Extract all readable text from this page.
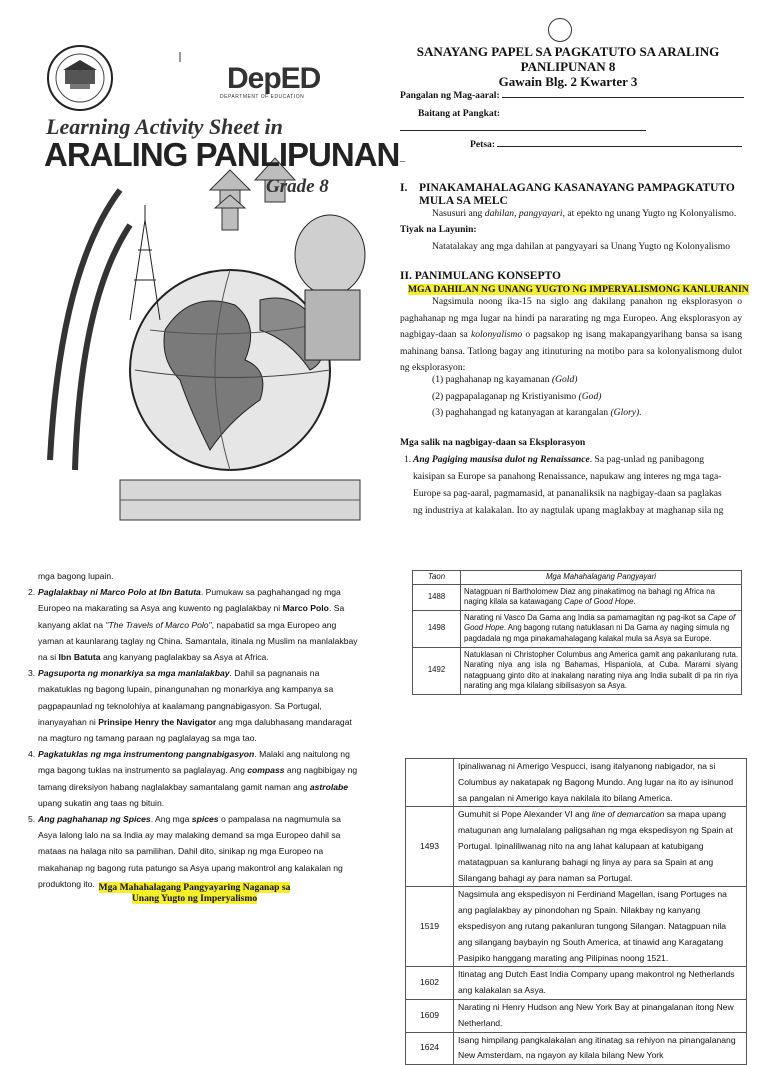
DepED
DEPARTMENT OF EDUCATION
Learning Activity Sheet in
ARALING PANLIPUNAN
Grade 8
SANAYANG PAPEL SA PAGKATUTO SA ARALING
PANLIPUNAN 8
Gawain Blg. 2 Kwarter 3
Pangalan ng Mag-aaral:
Baitang at Pangkat:
Petsa:
_
I. PINAKAMAHALAGANG KASANAYANG PAMPAGKATUTO

MULA SA MELC
Nasusuri ang dahilan, pangyayari, at epekto ng unang Yugto ng Kolonyalismo.
Tiyak na Layunin:
Natatalakay ang mga dahilan at pangyayari sa Unang Yugto ng Kolonyalismo
II. PANIMULANG KONSEPTO
MGA DAHILAN NG UNANG YUGTO NG IMPERYALISMONG KANLURANIN
Nagsimula noong ika-15 na siglo ang dakilang panahon ng eksplorasyon o paghahanap ng mga lugar na hindi pa nararating ng mga Europeo. Ang eksplorasyon ay nagbigay-daan sa kolonyalismo o pagsakop ng isang makapangyarihang bansa sa isang mahinang bansa. Tatlong bagay ang itinuturing na motibo para sa kolonyalismong dulot ng eksplorasyon:
(1) paghahanap ng kayamanan (Gold)
(2) pagpapalaganap ng Kristiyanismo (God)
(3) paghahangad ng katanyagan at karangalan (Glory).
Mga salik na nagbigay-daan sa Eksplorasyon
1. Ang Pagiging mausisa dulot ng Renaissance. Sa pag-unlad ng panibagong kaisipan sa Europe sa panahong Renaissance, napukaw ang interes ng mga taga-Europe sa pag-aaral, pagmamasid, at pananaliksik na nagbigay-daan sa paglakas ng industriya at kalakalan. Ito ay nagtulak upang maglakbay at maghanap sila ng
mga bagong lupain.
2. Paglalakbay ni Marco Polo at Ibn Batuta. Pumukaw sa paghahangad ng mga Europeo na makarating sa Asya ang kuwento ng paglalakbay ni Marco Polo. Sa kanyang aklat na "The Travels of Marco Polo", napabatid sa mga Europeo ang yaman at kaunlarang taglay ng China. Samantala, itinala ng Muslim na manlalakbay na si Ibn Batuta ang kanyang paglalakbay sa Asya at Africa.
3. Pagsuporta ng monarkiya sa mga manlalakbay. Dahil sa pagnanais na makatuklas ng bagong lupain, pinangunahan ng monarkiya ang kampanya sa pagpapaunlad ng teknolohiya at kaalamang pangnabigasyon. Sa Portugal, inanyayahan ni Prinsipe Henry the Navigator ang mga dalubhasang mandaragat na magturo ng tamang paraan ng paglalayag sa mga tao.
4. Pagkatuklas ng mga instrumentong pangnabigasyon. Malaki ang naitulong ng mga bagong tuklas na instrumento sa paglalayag. Ang compass ang nagbibigay ng tamang direksiyon habang naglalakbay samantalang gamit naman ang astrolabe upang sukatin ang taas ng bituin.
5. Ang paghahanap ng Spices. Ang mga spices o pampalasa na nagmumula sa Asya lalong lalo na sa India ay may malaking demand sa mga Europeo dahil sa mataas na halaga nito sa pamilihan. Dahil dito, sinikap ng mga Europeo na makahanap ng bagong ruta patungo sa Asya upang makontrol ang kalakalan ng produktong ito. Mga Mahahalagang Pangyayaring Naganap sa
Unang Yugto ng Imperyalismo
Taon	Mga Mahahalagang Pangyayari
1488	Natagpuan ni Bartholomew Diaz ang pinakatimog na bahagi ng Africa na naging kilala sa katawagang Cape of Good Hope.
1498	Narating ni Vasco Da Gama ang India sa pamamagitan ng pag-ikot sa Cape of Good Hope. Ang bagong rutang natuklasan ni Da Gama ay naging simula ng pagdadala ng mga pinakamahalagang kalakal mula sa Asya sa Europe.
1492	Natuklasan ni Christopher Columbus ang America gamit ang pakanlurang ruta. Narating niya ang isla ng Bahamas, Hispaniola, at Cuba. Marami siyang natagpuang ginto dito at inakalang narating niya ang India subalit di pa rin riya narating ang mga kilalang sibilisasyon sa Asya.
	Ipinaliwanag ni Amerigo Vespucci, isang italyanong nabigador, na si Columbus ay nakatapak ng Bagong Mundo. Ang lugar na ito ay isinunod sa pangalan ni Amerigo kaya nakilala ito bilang America.
1493	Gumuhit si Pope Alexander VI ang line of demarcation sa mapa upang matugunan ang lumalalang paligsahan ng mga ekspedisyon ng Spain at Portugal. Ipinaliliwanag nito na ang lahat kalupaan at katubigang matatagpuan sa kanlurang bahagi ng linya ay para sa Spain at ang Silangang bahagi ay para naman sa Portugal.
1519	Nagsimula ang ekspedisyon ni Ferdinand Magellan, isang Portuges na ang paglalakbay ay pinondohan ng Spain. Nilakbay ng kanyang ekspedisyon ang rutang pakanluran tungong Silangan. Natagpuan nila ang silangang baybayin ng South America, at tinawid ang Karagatang Pasipiko hanggang marating ang Pilipinas noong 1521.
1602	Itinatag ang Dutch East India Company upang makontrol ng Netherlands ang kalakalan sa Asya.
1609	Narating ni Henry Hudson ang New York Bay at pinangalanan itong New Netherland.
1624	Isang himpilang pangkalakalan ang itinatag sa rehiyon na pinangalanang New Amsterdam, na ngayon ay kilala bilang New York
